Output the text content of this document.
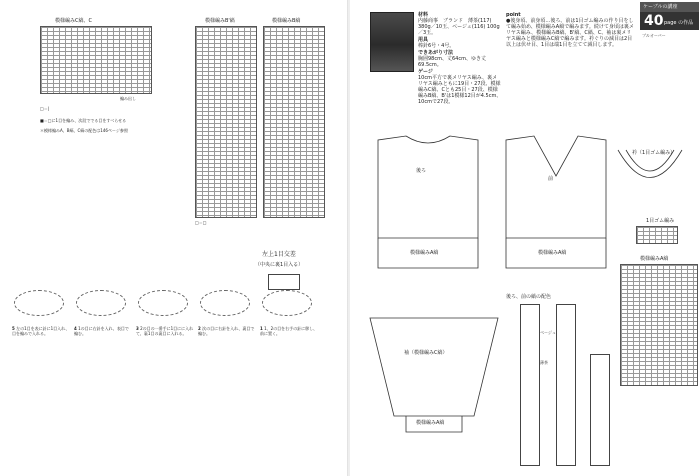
模様編みC縞、C
編み出し
□＝|
■＝□に1目を編み、次段ででる目をすべらせる
＊模様編みA、B縞、C縞の配色は146ページ参照
模様編みB'縞	模様編みB縞
□＝□
左上1目交差
（中央に裏1目入る）
5 左の1目を表に針に1目入れ、目を編みで入れる。
4 1の目に右針を入れ、表目で編む。
3 2の目の一番手に1目にに入れて、裏1目の裏目に入れる。
2 次の目に右針を入れ、裏目で編む。
1 1、2の目を右手の針に移し、前に置く。
ケーブルの講座
40 page の作品
プルオーバー
材料
内藤商事　ブランド　薄茶(117) 380g／10玉、ベージュ(116) 100g／3玉。
用具
棒針6号・4号。
できあがり寸法
胸囲98cm、丈64cm、ゆき丈69.5cm。
ゲージ
10cm平方で裏メリヤス編み、裏メリヤス編みともに19目・27段、模様編みC縞、Cとも25目・27段、模様編みB縞、B'は1模様12目が4.5cm、10cmで27段。
point
●後身頃、前身頃…後ろ、前は1目ゴム編みの作り目をして編み始め、模様編みA縞で編みます。続けて身頃は裏メリヤス編み、模様編みB縞、B'縞、C縞、C、袖は裏メリヤス編みと模様編みC縞で編みます。衿ぐりの減目は2目以上は伏せ目、1目は端1目を立てて減目します。
後ろ
前
模様編みA縞	模様編みA縞
袖（模様編みC縞）
模様編みA縞
衿（1目ゴム編み）
1目ゴム編み
模様編みA縞
後ろ、前の縞の配色
ベージュ
薄茶
